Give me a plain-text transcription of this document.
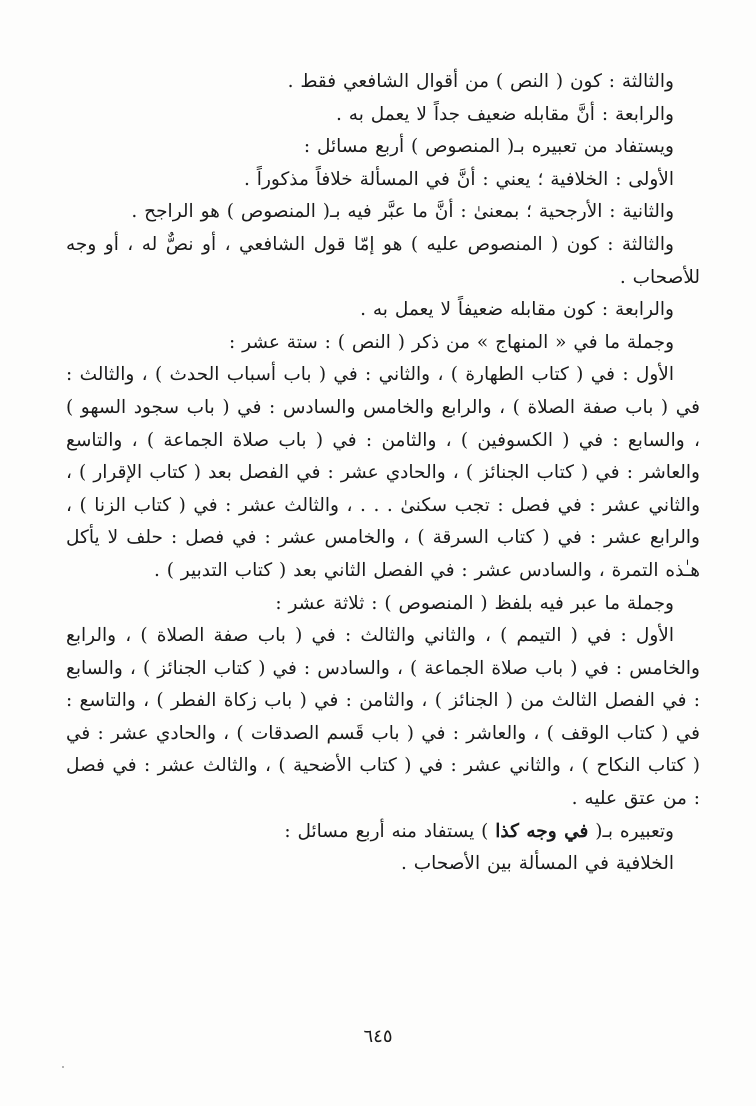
والثالثة : كون ( النص ) من أقوال الشافعي فقط .

والرابعة : أنَّ مقابله ضعيف جداً لا يعمل به .

ويستفاد من تعبيره بـ( المنصوص ) أربع مسائل :

الأولى : الخلافية ؛ يعني : أنَّ في المسألة خلافاً مذكوراً .

والثانية : الأرجحية ؛ بمعنىٰ : أنَّ ما عبَّر فيه بـ( المنصوص ) هو الراجح .

والثالثة : كون ( المنصوص عليه ) هو إمّا قول الشافعي ، أو نصٌّ له ، أو وجه للأصحاب .

والرابعة : كون مقابله ضعيفاً لا يعمل به .

وجملة ما في « المنهاج » من ذكر ( النص ) : ستة عشر :

الأول : في ( كتاب الطهارة ) ، والثاني : في ( باب أسباب الحدث ) ، والثالث : في ( باب صفة الصلاة ) ، والرابع والخامس والسادس : في ( باب سجود السهو ) ، والسابع : في ( الكسوفين ) ، والثامن : في ( باب صلاة الجماعة ) ، والتاسع والعاشر : في ( كتاب الجنائز ) ، والحادي عشر : في الفصل بعد ( كتاب الإقرار ) ، والثاني عشر : في فصل : تجب سكنىٰ . . . ، والثالث عشر : في ( كتاب الزنا ) ، والرابع عشر : في ( كتاب السرقة ) ، والخامس عشر : في فصل : حلف لا يأكل هـٰذه التمرة ، والسادس عشر : في الفصل الثاني بعد ( كتاب التدبير ) .

وجملة ما عبر فيه بلفظ ( المنصوص ) : ثلاثة عشر :

الأول : في ( التيمم ) ، والثاني والثالث : في ( باب صفة الصلاة ) ، والرابع والخامس : في ( باب صلاة الجماعة ) ، والسادس : في ( كتاب الجنائز ) ، والسابع : في الفصل الثالث من ( الجنائز ) ، والثامن : في ( باب زكاة الفطر ) ، والتاسع : في ( كتاب الوقف ) ، والعاشر : في ( باب قَسم الصدقات ) ، والحادي عشر : في ( كتاب النكاح ) ، والثاني عشر : في ( كتاب الأضحية ) ، والثالث عشر : في فصل : من عتق عليه .

وتعبيره بـ( في وجه كذا ) يستفاد منه أربع مسائل :

الخلافية في المسألة بين الأصحاب .

٦٤٥
